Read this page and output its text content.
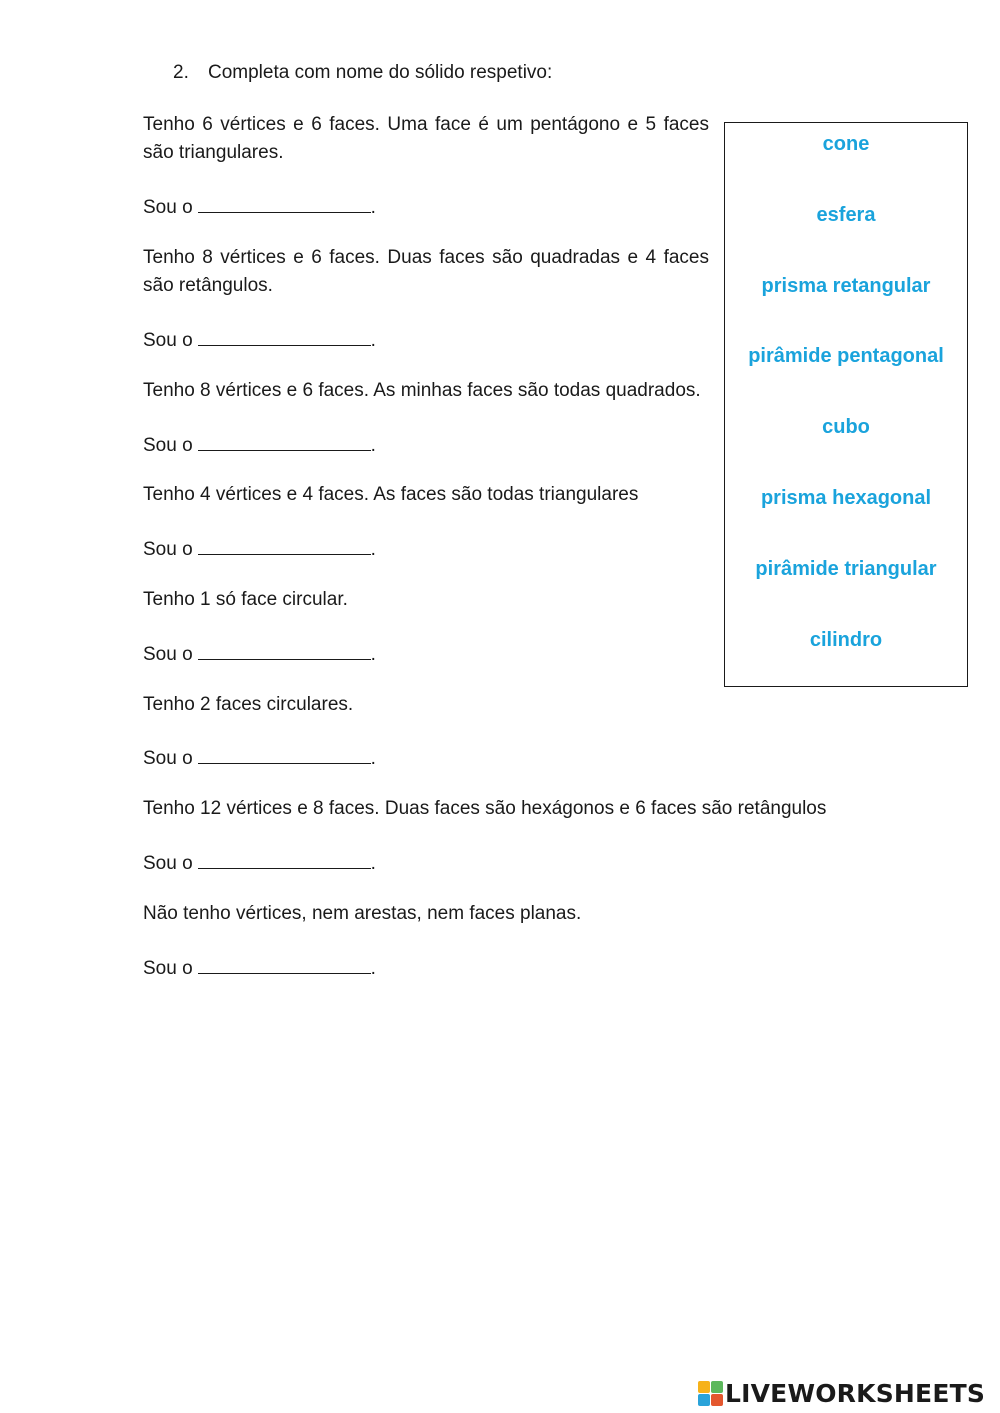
2. Completa com nome do sólido respetivo:
Tenho 6 vértices e 6 faces. Uma face é um pentágono e 5 faces são triangulares.
Sou o	.
Tenho 8 vértices e 6 faces. Duas faces são quadradas e 4 faces são retângulos.
Sou o	.
Tenho 8 vértices e 6 faces. As minhas faces são todas quadrados.
Sou o	.
Tenho 4 vértices e 4 faces. As faces são todas triangulares
Sou o	.
Tenho 1 só face circular.
Sou o	.
Tenho 2 faces circulares.
Sou o	.
Tenho 12 vértices e 8 faces. Duas faces são hexágonos e 6 faces são retângulos
Sou o	.
Não tenho vértices, nem arestas, nem faces planas.
Sou o	.
cone
esfera
prisma retangular
pirâmide pentagonal
cubo
prisma hexagonal
pirâmide triangular
cilindro
LIVEWORKSHEETS
